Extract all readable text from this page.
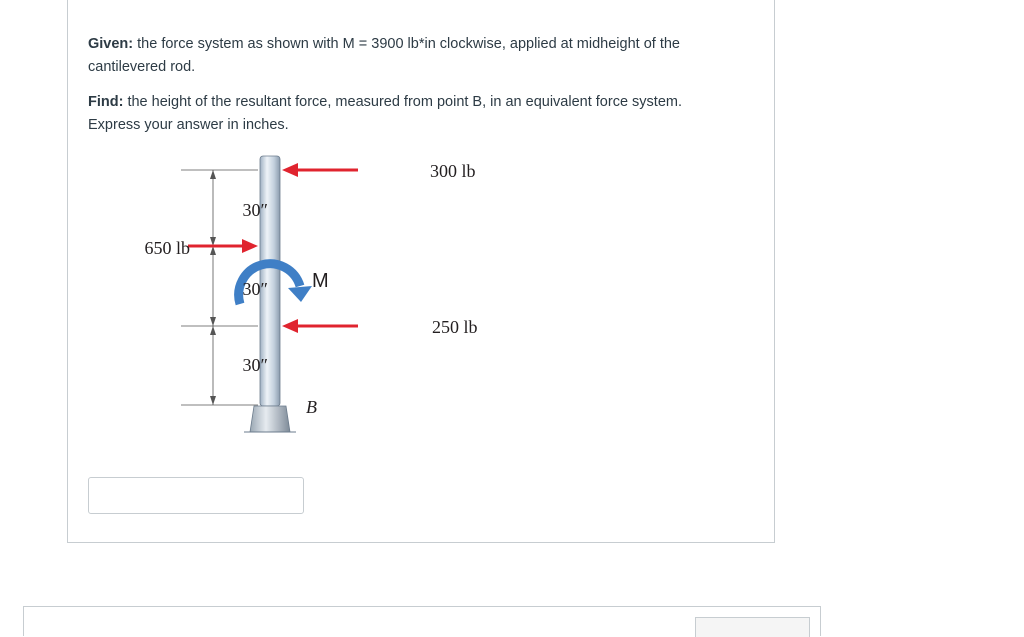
Given: the force system as shown with M = 3900 lb*in clockwise, applied at midheight of the cantilevered rod.
Find: the height of the resultant force, measured from point B, in an equivalent force system. Express your answer in inches.
300 lb
650 lb
250 lb
30″
30″
30″
M
B
